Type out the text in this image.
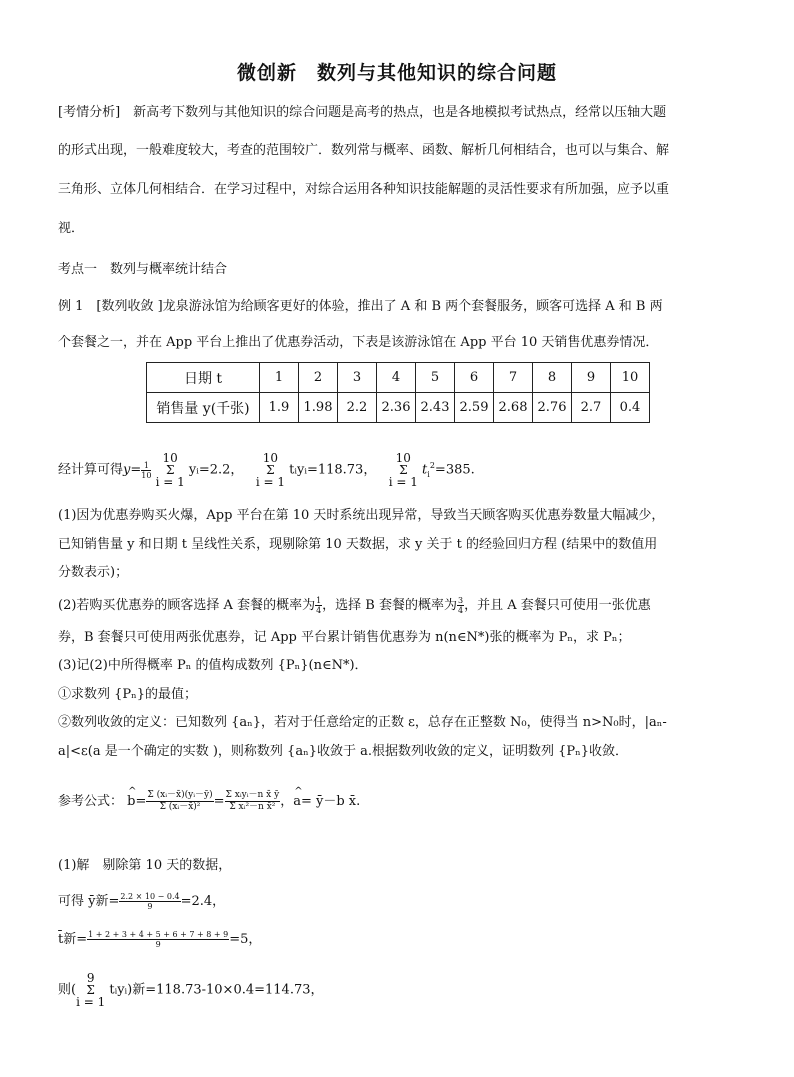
微创新　数列与其他知识的综合问题
[考情分析]　新高考下数列与其他知识的综合问题是高考的热点，也是各地模拟考试热点，经常以压轴大题
的形式出现，一般难度较大，考查的范围较广．数列常与概率、函数、解析几何相结合，也可以与集合、解
三角形、立体几何相结合．在学习过程中，对综合运用各种知识技能解题的灵活性要求有所加强，应予以重
视．
考点一　数列与概率统计结合
例 1　[数列收敛 ]龙泉游泳馆为给顾客更好的体验，推出了 A 和 B 两个套餐服务，顾客可选择 A 和 B 两
个套餐之一，并在 App 平台上推出了优惠券活动，下表是该游泳馆在 App 平台 10 天销售优惠券情况．
日期 t	1	2	3	4	5	6	7	8	9	10
销售量 y(千张)	1.9	1.98	2.2	2.36	2.43	2.59	2.68	2.76	2.7	0.4
经计算可得$y= \frac{1}{10}$

10
Σ
i = 1
yᵢ=2.2，
10
Σ
i = 1
tᵢyᵢ=118.73，
10
Σ
i = 1
$t_i^2=385$.
(1)因为优惠券购买火爆，App 平台在第 10 天时系统出现异常，导致当天顾客购买优惠券数量大幅减少，
已知销售量 y 和日期 t 呈线性关系，现剔除第 10 天数据，求 y 关于 t 的经验回归方程 (结果中的数值用
分数表示)；
(2)若购买优惠券的顾客选择 A 套餐的概率为 $\frac{1}{4}$ ，选择 B 套餐的概率为 $\frac{3}{4}$ ，并且 A 套餐只可使用一张优惠
券，B 套餐只可使用两张优惠券，记 App 平台累计销售优惠券为 n(n∈N*)张的概率为 Pₙ，求 Pₙ；
(3)记(2)中所得概率 Pₙ 的值构成数列 {Pₙ}(n∈N*)．
①求数列 {Pₙ}的最值；
②数列收敛的定义：已知数列 {aₙ}，若对于任意给定的正数 ε，总存在正整数 N₀，使得当 n>N₀时，|aₙ-
a|<ε(a 是一个确定的实数 )，则称数列 {aₙ}收敛于 a.根据数列收敛的定义，证明数列 {Pₙ}收敛．
参考公式： ^ $b= \frac{\text{Σ (xᵢ－x̄)(yᵢ－ȳ)}}{\text{Σ (xᵢ－x̄)²}} = \frac{\text{Σ xᵢyᵢ－n x̄ ȳ}}{\text{Σ xᵢ²－n x̄²}}$ ，^ a= ȳ－b x̄.
(1)解　剔除第 10 天的数据，
可得 ȳ新= $\frac{2.2 \times 10 - 0.4}{9} =2.4$，
t̄新= $\frac{1 + 2 + 3 + 4 + 5 + 6 + 7 + 8 + 9}{9} =5$，
则(
9
Σ
i = 1
tᵢyᵢ)新=118.73-10×0.4=114.73，
